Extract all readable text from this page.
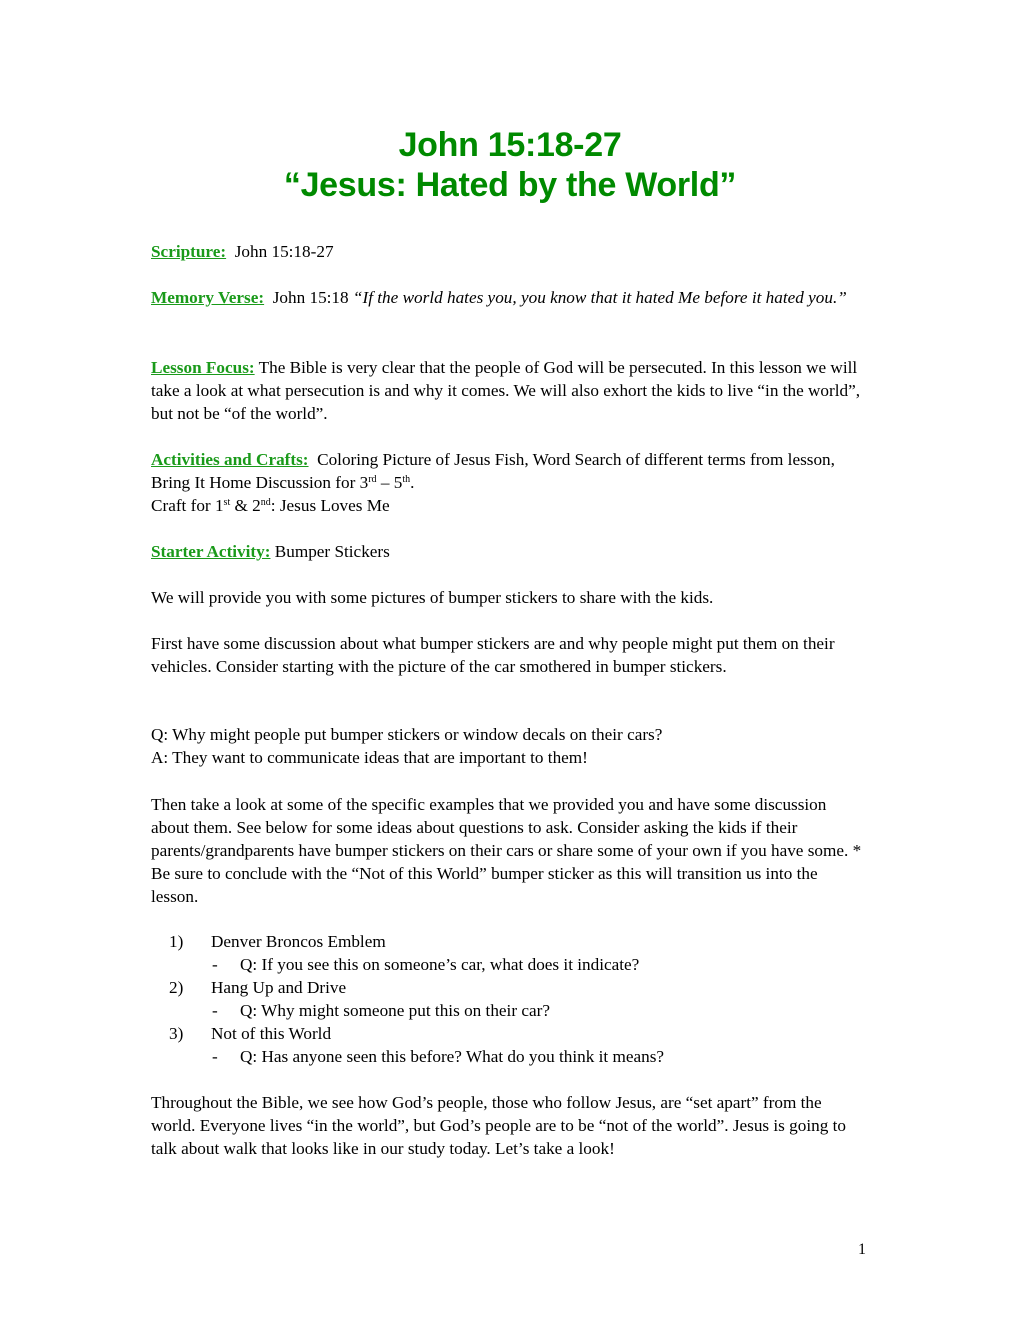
John 15:18-27
“Jesus: Hated by the World”
Scripture: John 15:18-27
Memory Verse: John 15:18 “If the world hates you, you know that it hated Me before it hated you.”
Lesson Focus: The Bible is very clear that the people of God will be persecuted. In this lesson we will take a look at what persecution is and why it comes. We will also exhort the kids to live “in the world”, but not be “of the world”.
Activities and Crafts: Coloring Picture of Jesus Fish, Word Search of different terms from lesson, Bring It Home Discussion for 3rd – 5th.
Craft for 1st & 2nd: Jesus Loves Me
Starter Activity: Bumper Stickers
We will provide you with some pictures of bumper stickers to share with the kids.
First have some discussion about what bumper stickers are and why people might put them on their vehicles. Consider starting with the picture of the car smothered in bumper stickers.
Q: Why might people put bumper stickers or window decals on their cars?
A: They want to communicate ideas that are important to them!
Then take a look at some of the specific examples that we provided you and have some discussion about them. See below for some ideas about questions to ask. Consider asking the kids if their parents/grandparents have bumper stickers on their cars or share some of your own if you have some. * Be sure to conclude with the “Not of this World” bumper sticker as this will transition us into the lesson.
1) Denver Broncos Emblem
- Q: If you see this on someone’s car, what does it indicate?
2) Hang Up and Drive
- Q: Why might someone put this on their car?
3) Not of this World
- Q: Has anyone seen this before? What do you think it means?
Throughout the Bible, we see how God’s people, those who follow Jesus, are “set apart” from the world. Everyone lives “in the world”, but God’s people are to be “not of the world”. Jesus is going to talk about walk that looks like in our study today. Let’s take a look!
1
